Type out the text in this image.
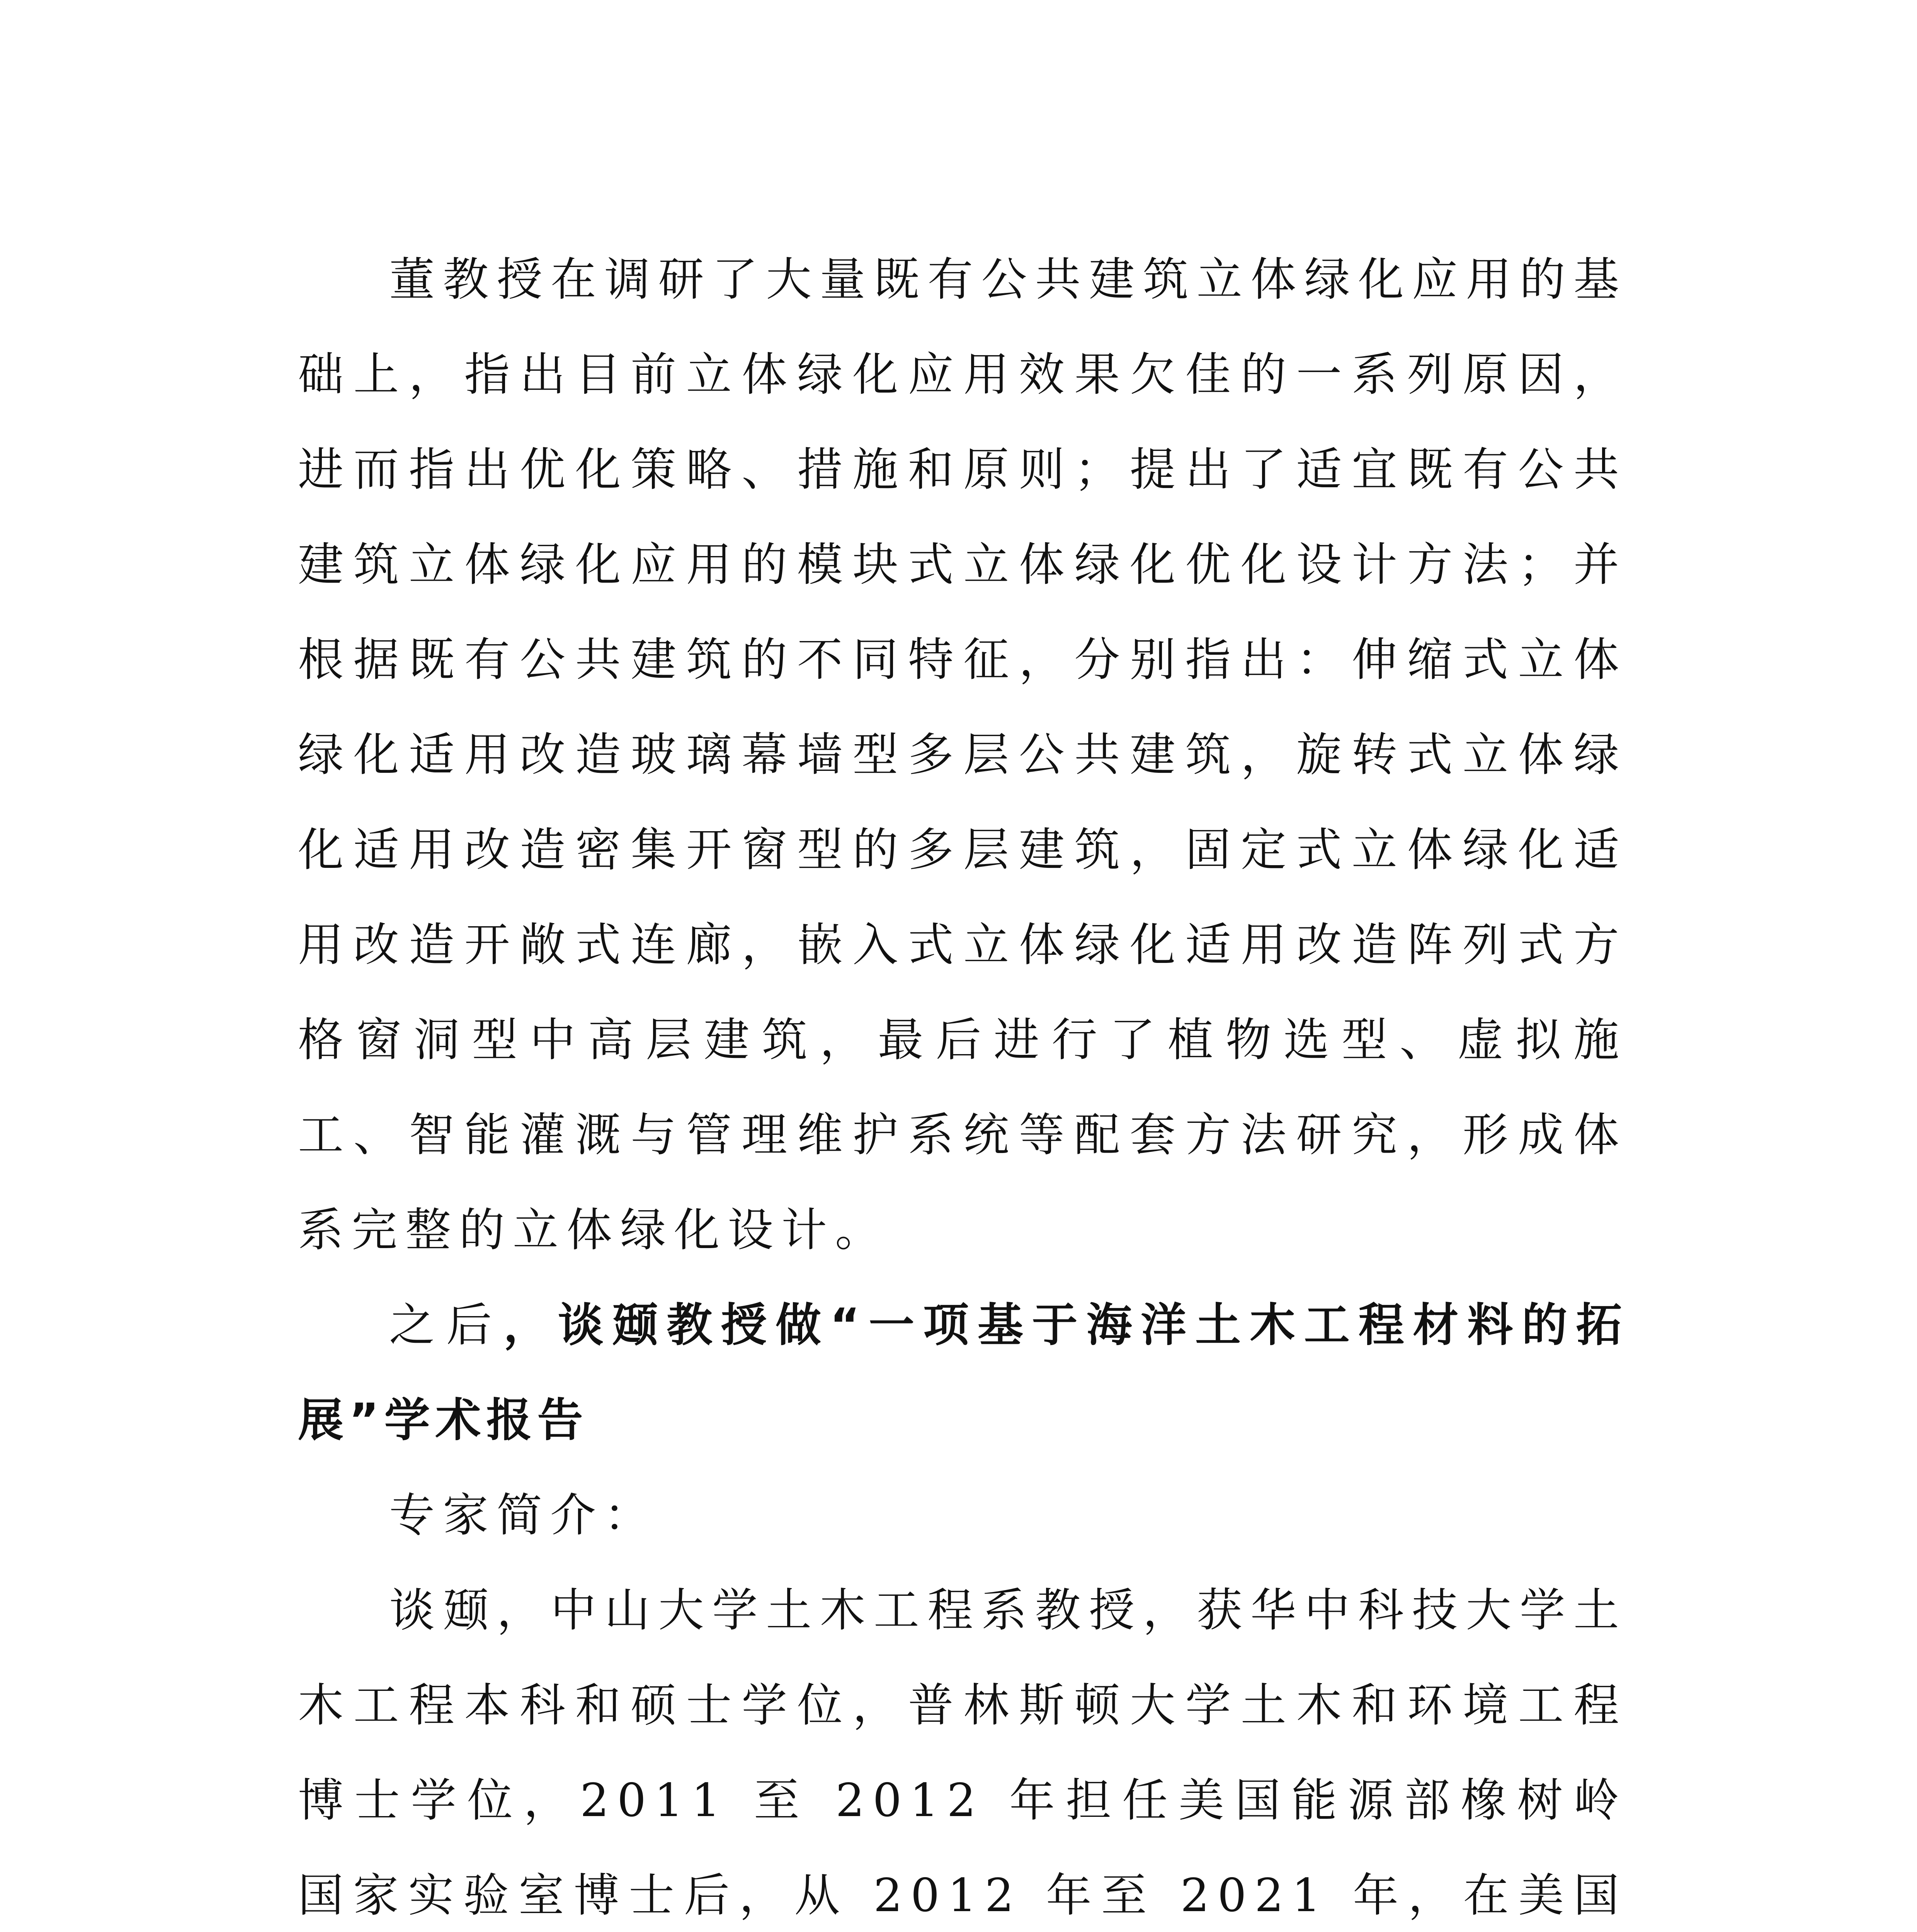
董教授在调研了大量既有公共建筑立体绿化应用的基础上，指出目前立体绿化应用效果欠佳的一系列原因，进而指出优化策略、措施和原则；提出了适宜既有公共建筑立体绿化应用的模块式立体绿化优化设计方法；并根据既有公共建筑的不同特征，分别指出：伸缩式立体绿化适用改造玻璃幕墙型多层公共建筑，旋转式立体绿化适用改造密集开窗型的多层建筑，固定式立体绿化适用改造开敞式连廊，嵌入式立体绿化适用改造阵列式方格窗洞型中高层建筑，最后进行了植物选型、虚拟施工、智能灌溉与管理维护系统等配套方法研究，形成体系完整的立体绿化设计。

之后，谈颋教授做“一项基于海洋土木工程材料的拓展”学术报告

专家简介：

谈颋，中山大学土木工程系教授，获华中科技大学土木工程本科和硕士学位，普林斯顿大学土木和环境工程博士学位，2011 至 2012 年担任美国能源部橡树岭国家实验室博士后，从 2012 年至 2021 年，在美国
